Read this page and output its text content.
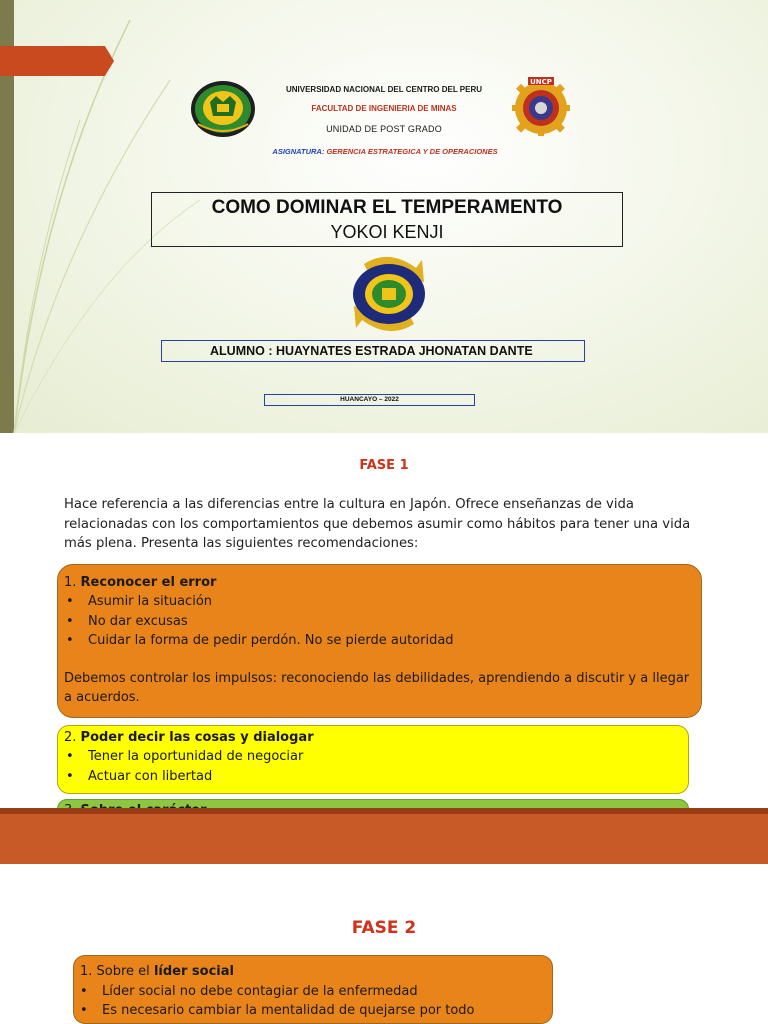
UNIVERSIDAD NACIONAL DEL CENTRO DEL PERU
FACULTAD DE INGENIERIA DE MINAS
UNIDAD DE POST GRADO
ASIGNATURA: GERENCIA ESTRATEGICA Y DE OPERACIONES
UNCP
COMO DOMINAR EL TEMPERAMENTO
YOKOI KENJI
ALUMNO : HUAYNATES ESTRADA JHONATAN DANTE
HUANCAYO – 2022
FASE 1

Hace referencia a las diferencias entre la cultura en Japón. Ofrece enseñanzas de vida relacionadas con los comportamientos que debemos asumir como hábitos para tener una vida más plena. Presenta las siguientes recomendaciones:

1. Reconocer el error
• Asumir la situación
• No dar excusas
• Cuidar la forma de pedir perdón. No se pierde autoridad
Debemos controlar los impulsos: reconociendo las debilidades, aprendiendo a discutir y a llegar a acuerdos.
2. Poder decir las cosas y dialogar
• Tener la oportunidad de negociar
• Actuar con libertad
FASE 2
1. Sobre el líder social
• Líder social no debe contagiar de la enfermedad
• Es necesario cambiar la mentalidad de quejarse por todo
